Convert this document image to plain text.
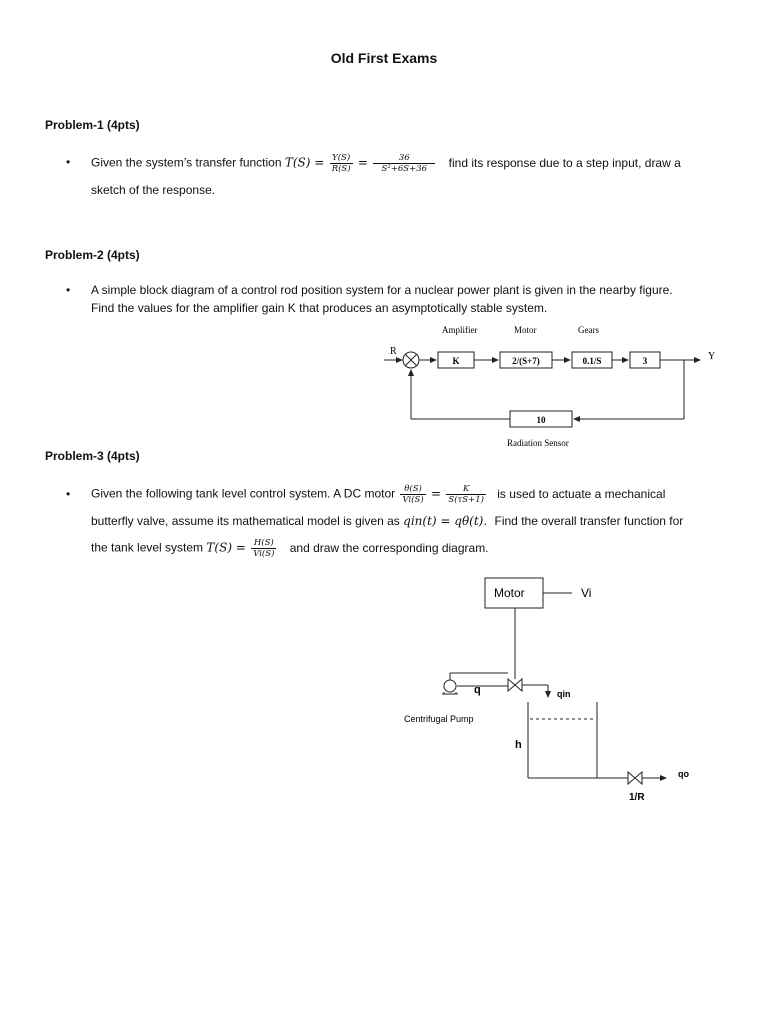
Old First Exams
Problem-1 (4pts)
• Given the system’s transfer function $T(S) = \frac{Y(S)}{R(S)} = \frac{36}{\text{S²+6S+36}}$ find its response due to a step input, draw a
sketch of the response.
Problem-2 (4pts)
• A simple block diagram of a control rod position system for a nuclear power plant is given in the nearby figure.
Find the values for the amplifier gain K that produces an asymptotically stable system.
Amplifier	Motor	Gears
R	Y
K	2/(S+7)	0.1/S	3
10
Radiation Sensor
Problem-3 (4pts)
• Given the following tank level control system. A DC motor $\frac{\theta(S)}{Vi(S)} = \frac{K}{S(\tau S+1)}$ is used to actuate a mechanical
butterfly valve, assume its mathematical model is given as qin(t) = qθ(t). Find the overall transfer function for
the tank level system $T(S) = \frac{H(S)}{Vi(S)}$ and draw the corresponding diagram.
Motor	Vi
q	qin
Centrifugal Pump
h
qo
1/R
